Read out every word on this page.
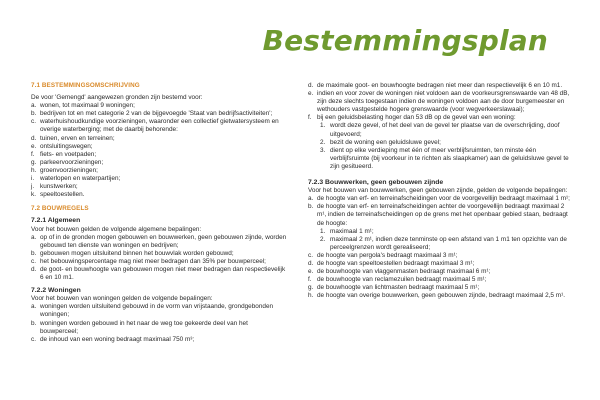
Bestemmingsplan
7.1 BESTEMMINGSOMSCHRIJVING
De voor 'Gemengd' aangewezen gronden zijn bestemd voor:
a. wonen, tot maximaal 9 woningen;
b. bedrijven tot en met categorie 2 van de bijgevoegde 'Staat van bedrijfsactiviteiten';
c. waterhuishoudkundige voorzieningen, waaronder een collectief gietwatersysteem en overige waterberging; met de daarbij behorende:
d. tuinen, erven en terreinen;
e. ontsluitingswegen;
f. fiets- en voetpaden;
g. parkeervoorzieningen;
h. groenvoorzieningen;
i. waterlopen en waterpartijen;
j. kunstwerken;
k. speeltoestellen.
7.2 BOUWREGELS
7.2.1 Algemeen
Voor het bouwen gelden de volgende algemene bepalingen:
a. op of in de gronden mogen gebouwen en bouwwerken, geen gebouwen zijnde, worden gebouwd ten dienste van woningen en bedrijven;
b. gebouwen mogen uitsluitend binnen het bouwvlak worden gebouwd;
c. het bebouwingspercentage mag niet meer bedragen dan 35% per bouwperceel;
d. de goot- en bouwhoogte van gebouwen mogen niet meer bedragen dan respectievelijk 6 en 10 m1.
7.2.2 Woningen
Voor het bouwen van woningen gelden de volgende bepalingen:
a. woningen worden uitsluitend gebouwd in de vorm van vrijstaande, grondgebonden woningen;
b. woningen worden gebouwd in het naar de weg toe gekeerde deel van het bouwperceel;
c. de inhoud van een woning bedraagt maximaal 750 m³;
d. de maximale goot- en bouwhoogte bedragen niet meer dan respectievelijk 6 en 10 m1.
e. indien en voor zover de woningen niet voldoen aan de voorkeursgrenswaarde van 48 dB, zijn deze slechts toegestaan indien de woningen voldoen aan de door burgemeester en wethouders vastgestelde hogere grenswaarde (voor wegverkeerslawaai);
f. bij een geluidsbelasting hoger dan 53 dB op de gevel van een woning:
1. wordt deze gevel, of het deel van de gevel ter plaatse van de overschrijding, doof uitgevoerd;
2. bezit de woning een geluidsluwe gevel;
3. dient op elke verdieping met één of meer verblijfsruimten, ten minste één verblijfsruimte (bij voorkeur in te richten als slaapkamer) aan de geluidsluwe gevel te zijn gesitueerd.
7.2.3 Bouwwerken, geen gebouwen zijnde
Voor het bouwen van bouwwerken, geen gebouwen zijnde, gelden de volgende bepalingen:
a. de hoogte van erf- en terreinafscheidingen voor de voorgevellijn bedraagt maximaal 1 m¹;
b. de hoogte van erf- en terreinafscheidingen achter de voorgevellijn bedraagt maximaal 2 m¹, indien de terreinafscheidingen op de grens met het openbaar gebied staan, bedraagt de hoogte:
1. maximaal 1 m¹;
2. maximaal 2 m¹, indien deze tenminste op een afstand van 1 m1 ten opzichte van de perceelgrenzen wordt gerealiseerd;
c. de hoogte van pergola's bedraagt maximaal 3 m¹;
d. de hoogte van speeltoestellen bedraagt maximaal 3 m¹;
e. de bouwhoogte van vlaggenmasten bedraagt maximaal 6 m¹;
f. de bouwhoogte van reclamezuilen bedraagt maximaal 5 m¹;
g. de bouwhoogte van lichtmasten bedraagt maximaal 5 m¹;
h. de hoogte van overige bouwwerken, geen gebouwen zijnde, bedraagt maximaal 2,5 m¹.
